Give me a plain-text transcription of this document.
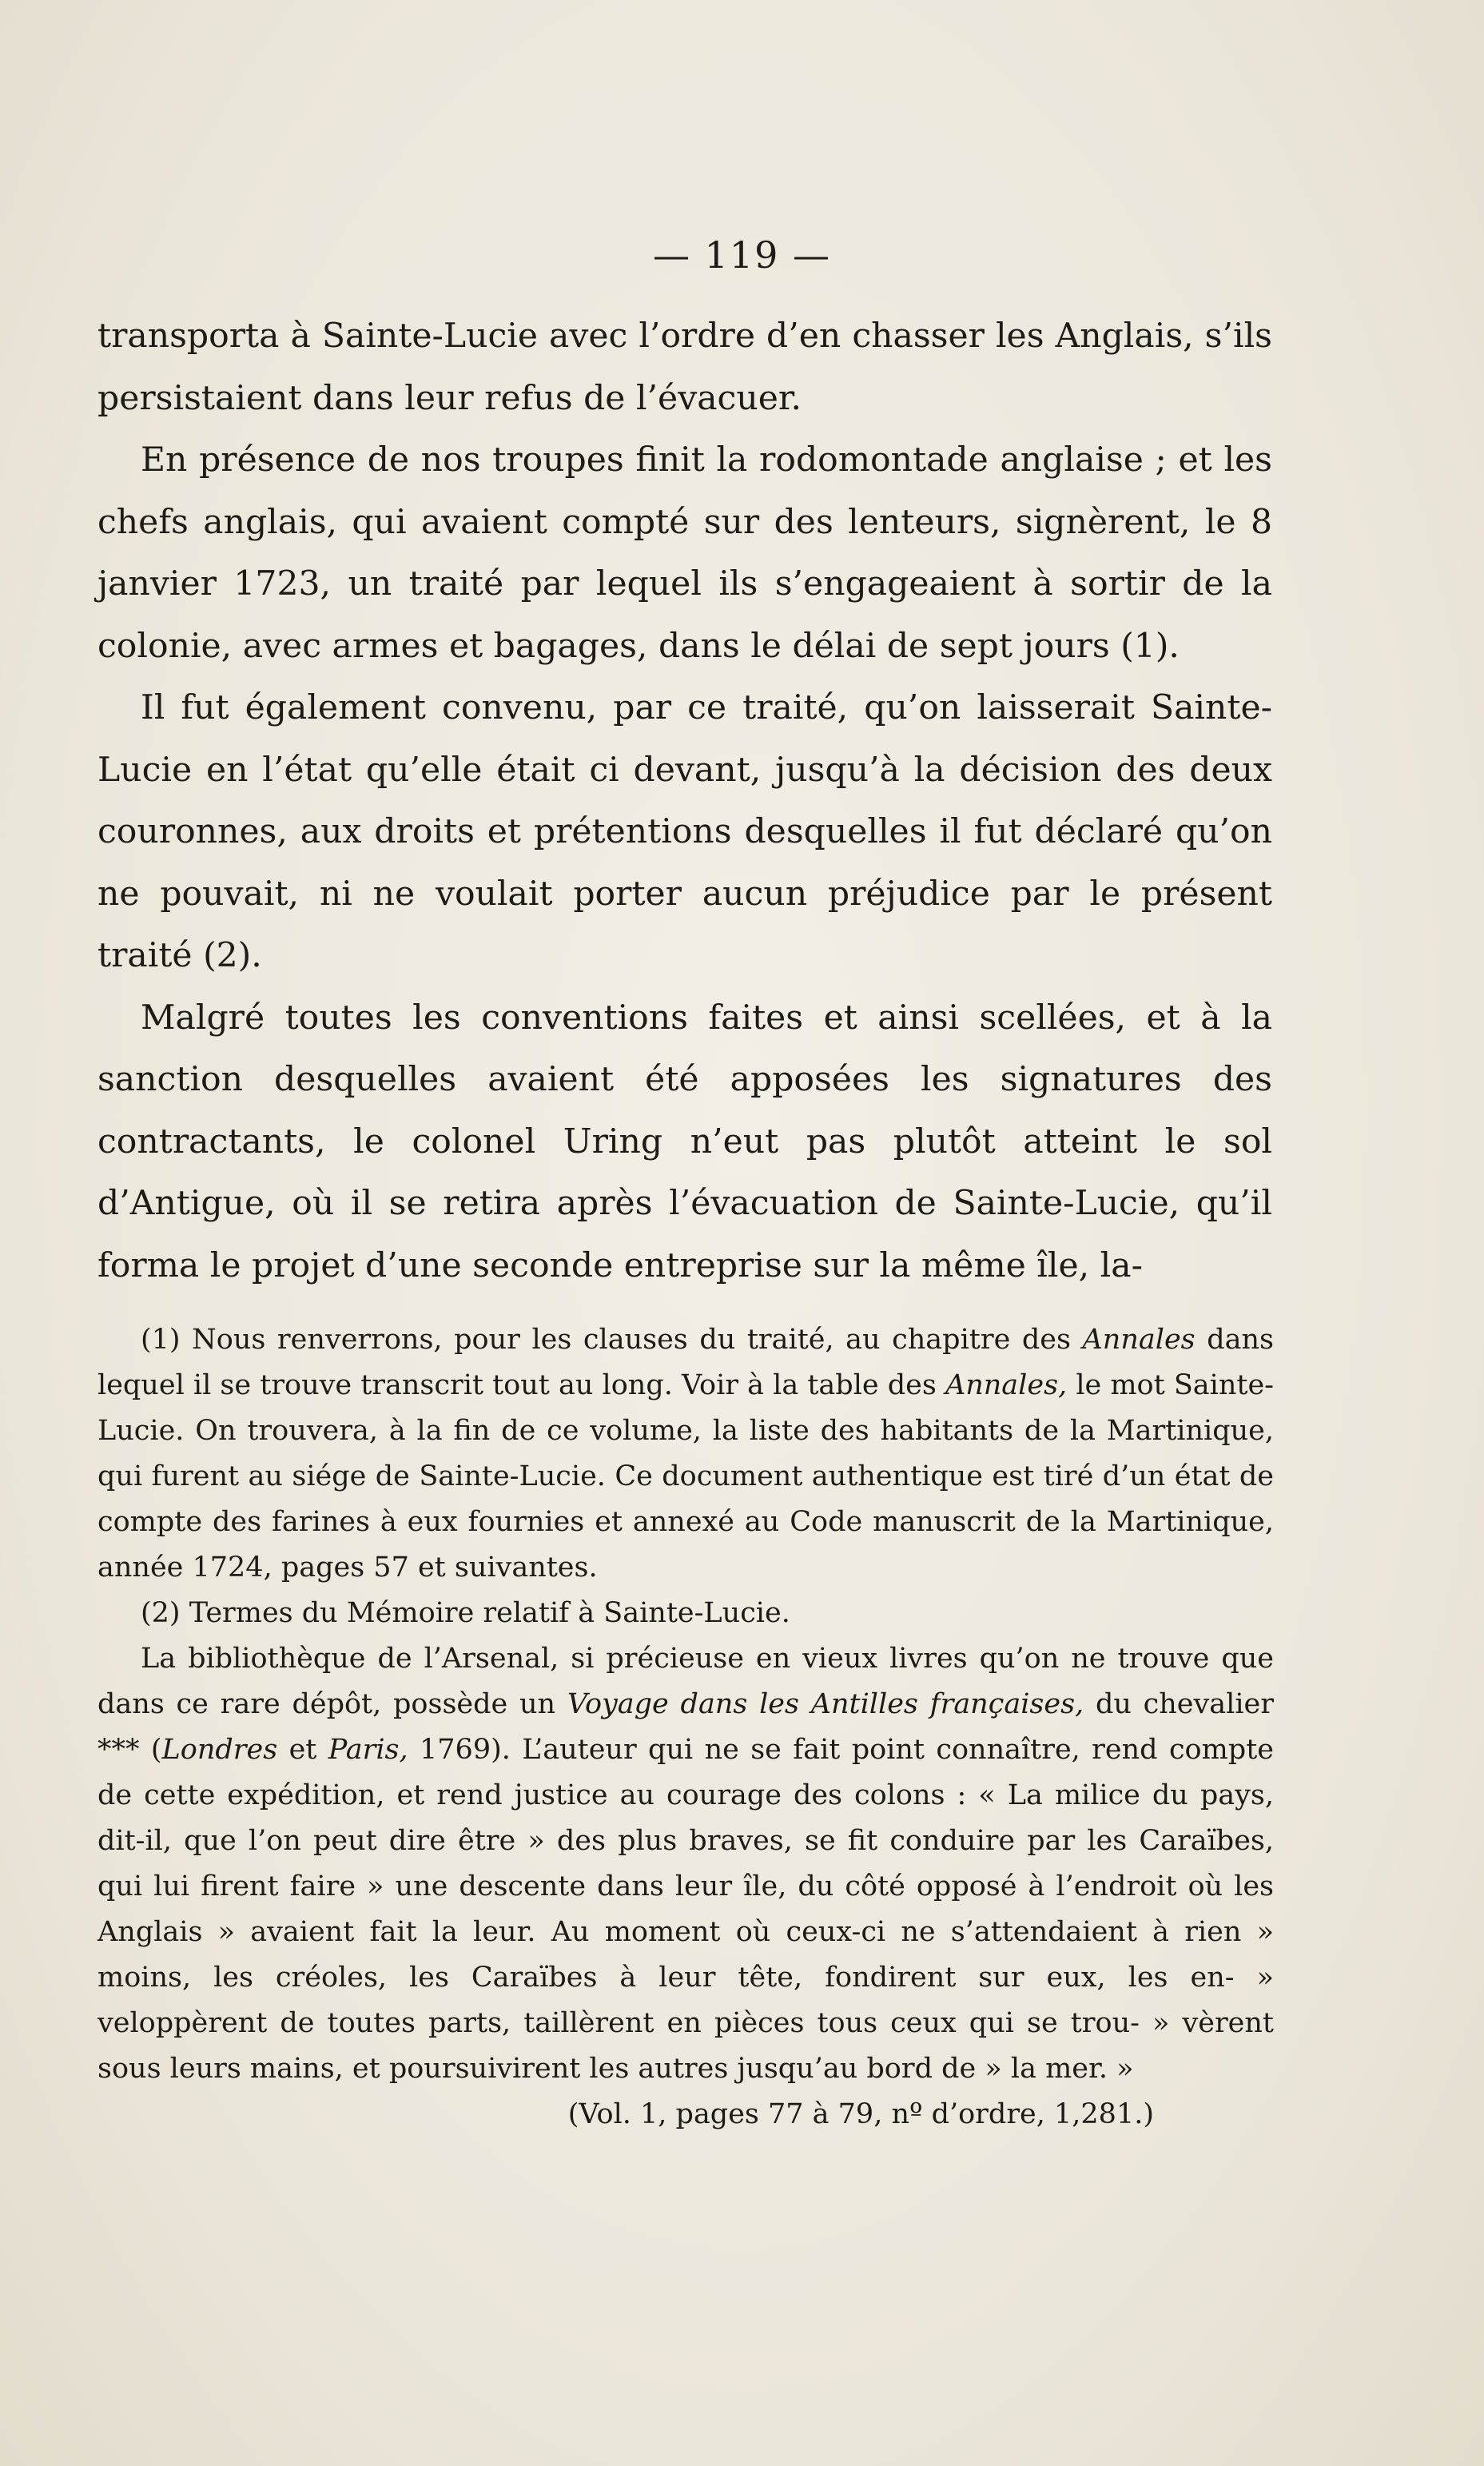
— 119 —

transporta à Sainte-Lucie avec l’ordre d’en chasser les Anglais, s’ils persistaient dans leur refus de l’évacuer.

En présence de nos troupes finit la rodomontade anglaise ; et les chefs anglais, qui avaient compté sur des lenteurs, signèrent, le 8 janvier 1723, un traité par lequel ils s’engageaient à sortir de la colonie, avec armes et bagages, dans le délai de sept jours (1).

Il fut également convenu, par ce traité, qu’on laisserait Sainte-Lucie en l’état qu’elle était ci devant, jusqu’à la décision des deux couronnes, aux droits et prétentions desquelles il fut déclaré qu’on ne pouvait, ni ne voulait porter aucun préjudice par le présent traité (2).

Malgré toutes les conventions faites et ainsi scellées, et à la sanction desquelles avaient été apposées les signatures des contractants, le colonel Uring n’eut pas plutôt atteint le sol d’Antigue, où il se retira après l’évacuation de Sainte-Lucie, qu’il forma le projet d’une seconde entreprise sur la même île, la-

(1) Nous renverrons, pour les clauses du traité, au chapitre des Annales dans lequel il se trouve transcrit tout au long. Voir à la table des Annales, le mot Sainte-Lucie. On trouvera, à la fin de ce volume, la liste des habitants de la Martinique, qui furent au siége de Sainte-Lucie. Ce document authentique est tiré d’un état de compte des farines à eux fournies et annexé au Code manuscrit de la Martinique, année 1724, pages 57 et suivantes.

(2) Termes du Mémoire relatif à Sainte-Lucie.

La bibliothèque de l’Arsenal, si précieuse en vieux livres qu’on ne trouve que dans ce rare dépôt, possède un Voyage dans les Antilles françaises, du chevalier *** (Londres et Paris, 1769). L’auteur qui ne se fait point connaître, rend compte de cette expédition, et rend justice au courage des colons : « La milice du pays, dit-il, que l’on peut dire être » des plus braves, se fit conduire par les Caraïbes, qui lui firent faire » une descente dans leur île, du côté opposé à l’endroit où les Anglais » avaient fait la leur. Au moment où ceux-ci ne s’attendaient à rien » moins, les créoles, les Caraïbes à leur tête, fondirent sur eux, les en- » veloppèrent de toutes parts, taillèrent en pièces tous ceux qui se trou- » vèrent sous leurs mains, et poursuivirent les autres jusqu’au bord de » la mer. »

(Vol. 1, pages 77 à 79, nº d’ordre, 1,281.)
